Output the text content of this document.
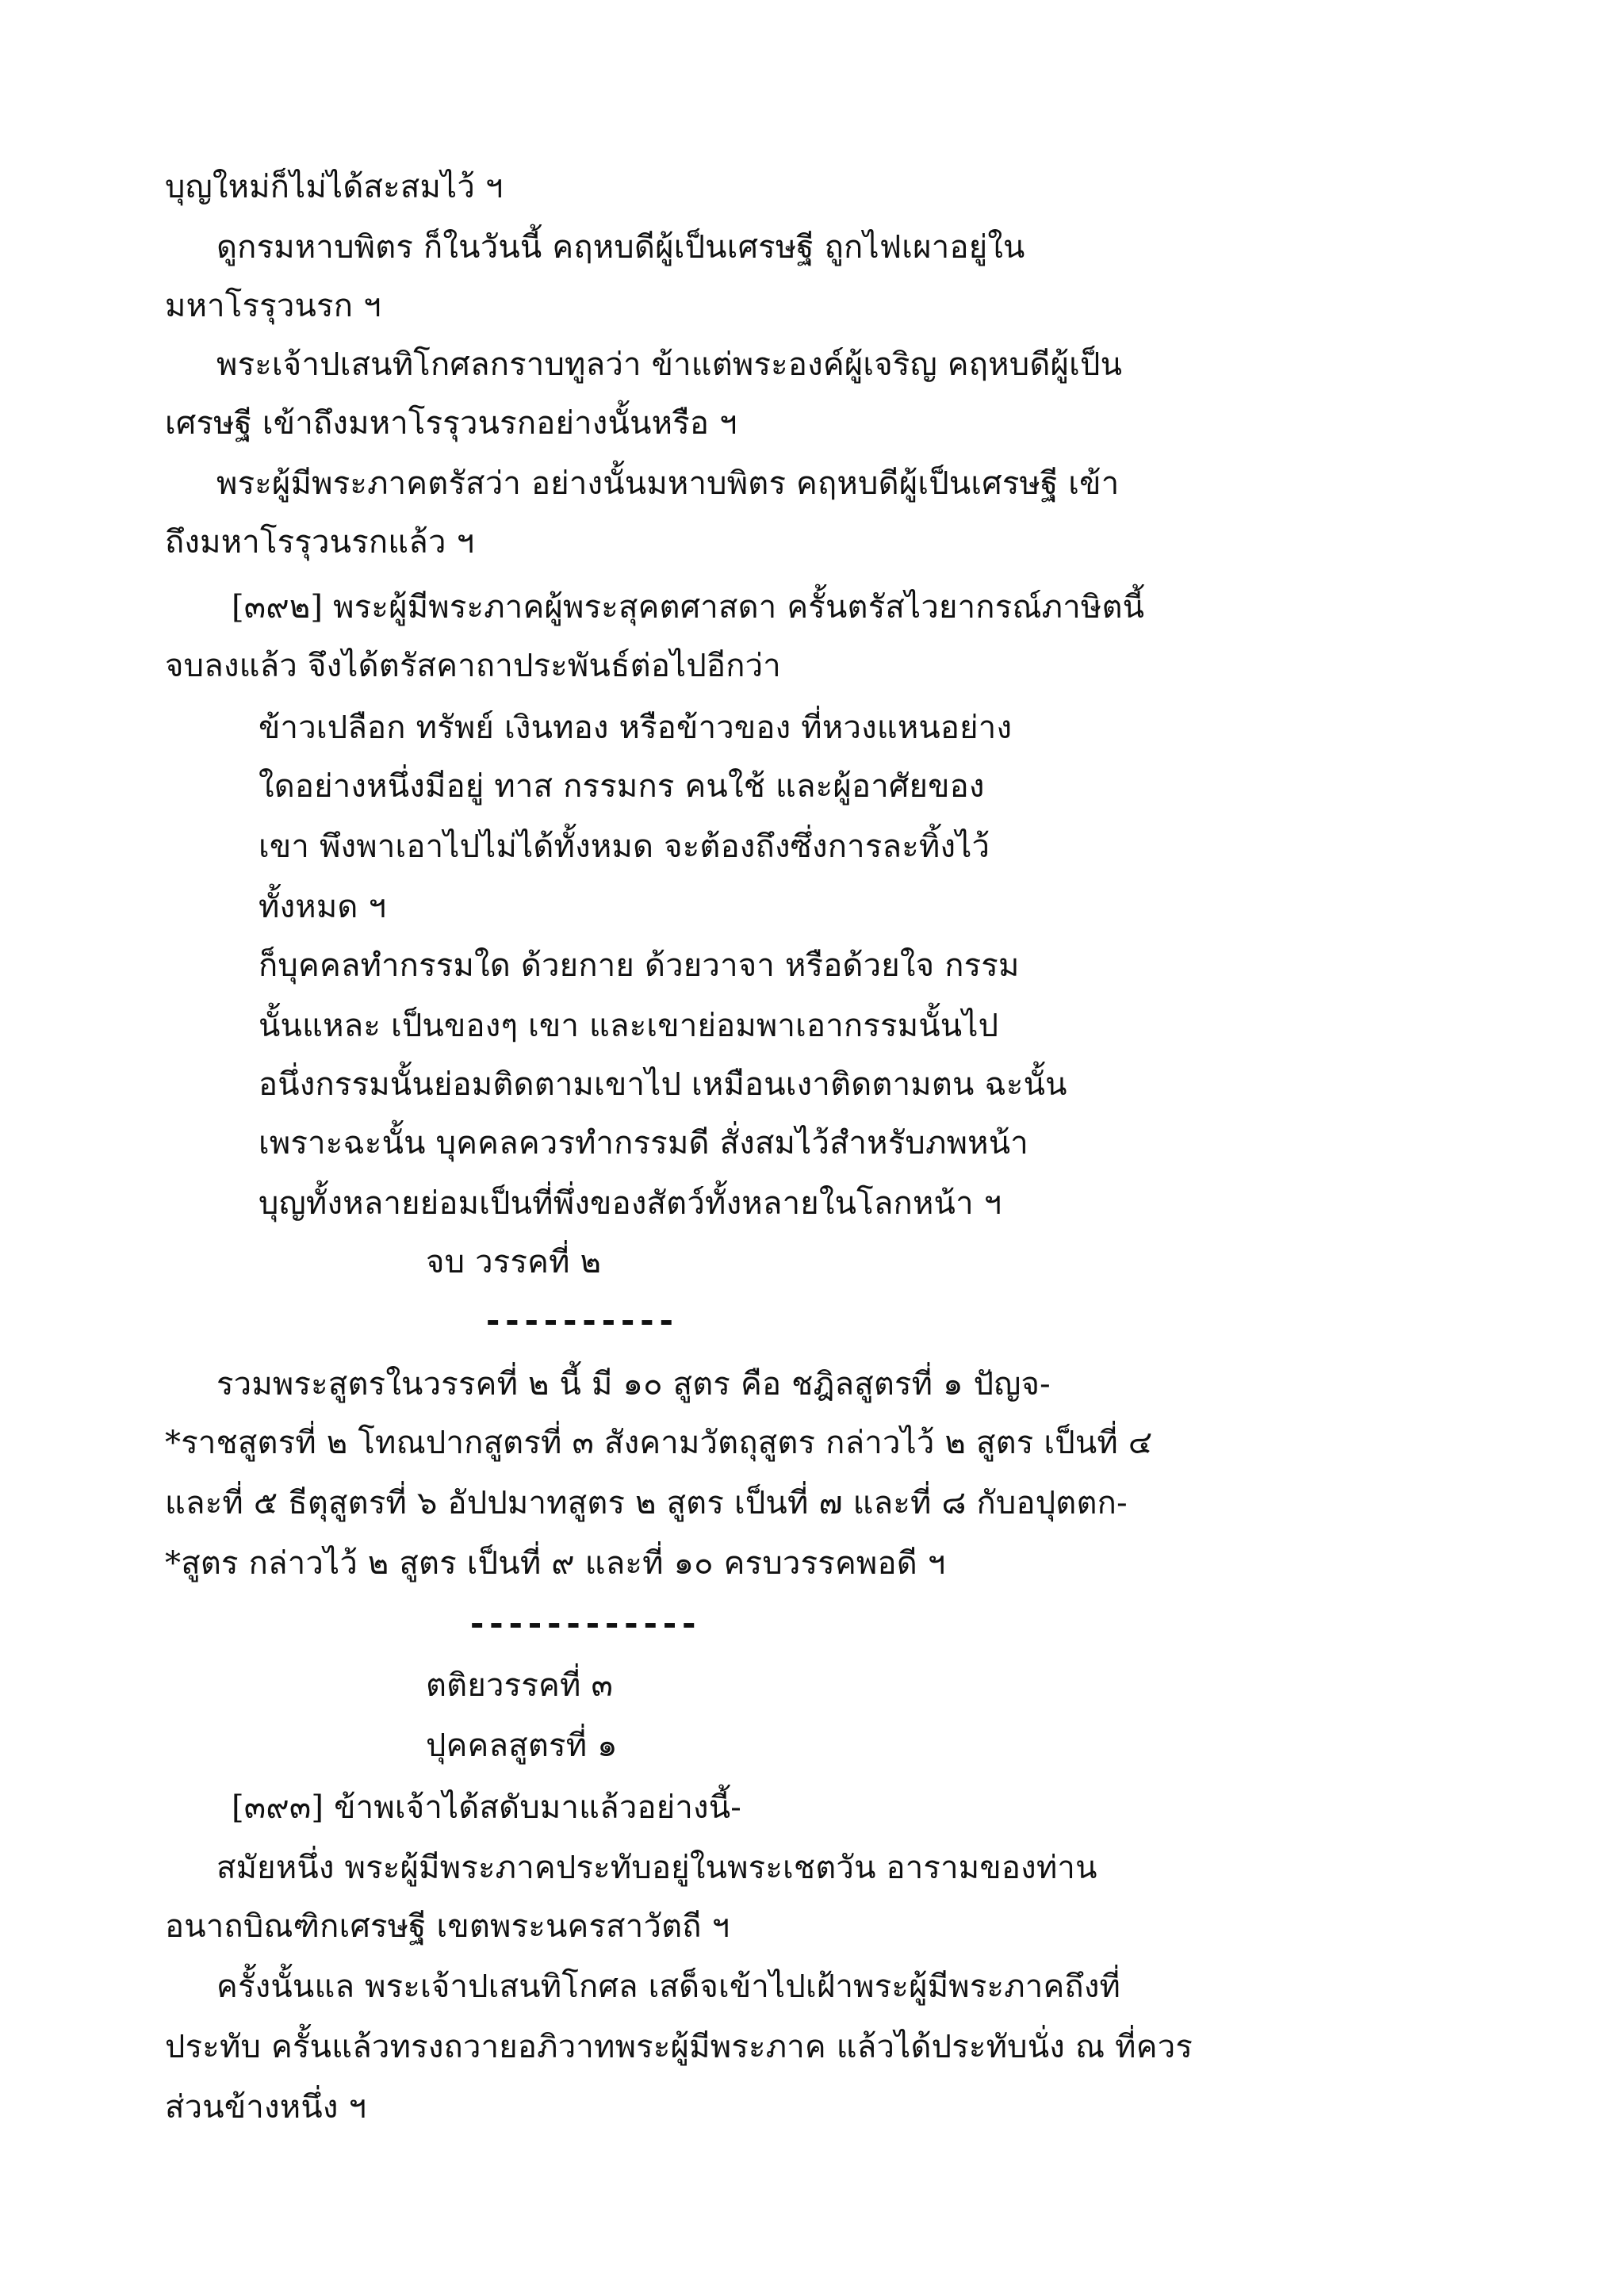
บุญใหม่ก็ไม่ได้สะสมไว้ ฯ
ดูกรมหาบพิตร ก็ในวันนี้ คฤหบดีผู้เป็นเศรษฐี ถูกไฟเผาอยู่ใน
มหาโรรุวนรก ฯ
พระเจ้าปเสนทิโกศลกราบทูลว่า ข้าแต่พระองค์ผู้เจริญ คฤหบดีผู้เป็น
เศรษฐี เข้าถึงมหาโรรุวนรกอย่างนั้นหรือ ฯ
พระผู้มีพระภาคตรัสว่า อย่างนั้นมหาบพิตร คฤหบดีผู้เป็นเศรษฐี เข้า
ถึงมหาโรรุวนรกแล้ว ฯ
[๓๙๒] พระผู้มีพระภาคผู้พระสุคตศาสดา ครั้นตรัสไวยากรณ์ภาษิตนี้
จบลงแล้ว จึงได้ตรัสคาถาประพันธ์ต่อไปอีกว่า
ข้าวเปลือก ทรัพย์ เงินทอง หรือข้าวของ ที่หวงแหนอย่าง
ใดอย่างหนึ่งมีอยู่ ทาส กรรมกร คนใช้ และผู้อาศัยของ
เขา พึงพาเอาไปไม่ได้ทั้งหมด จะต้องถึงซึ่งการละทิ้งไว้
ทั้งหมด ฯ
ก็บุคคลทำกรรมใด ด้วยกาย ด้วยวาจา หรือด้วยใจ กรรม
นั้นแหละ เป็นของๆ เขา และเขาย่อมพาเอากรรมนั้นไป
อนึ่งกรรมนั้นย่อมติดตามเขาไป เหมือนเงาติดตามตน ฉะนั้น
เพราะฉะนั้น บุคคลควรทำกรรมดี สั่งสมไว้สำหรับภพหน้า
บุญทั้งหลายย่อมเป็นที่พึ่งของสัตว์ทั้งหลายในโลกหน้า ฯ
จบ วรรคที่ ๒
----------
รวมพระสูตรในวรรคที่ ๒ นี้ มี ๑๐ สูตร คือ ชฎิลสูตรที่ ๑ ปัญจ-
*ราชสูตรที่ ๒ โทณปากสูตรที่ ๓ สังคามวัตถุสูตร กล่าวไว้ ๒ สูตร เป็นที่ ๔
และที่ ๕ ธีตุสูตรที่ ๖ อัปปมาทสูตร ๒ สูตร เป็นที่ ๗ และที่ ๘ กับอปุตตก-
*สูตร กล่าวไว้ ๒ สูตร เป็นที่ ๙ และที่ ๑๐ ครบวรรคพอดี ฯ
------------
ตติยวรรคที่ ๓
ปุคคลสูตรที่ ๑
[๓๙๓] ข้าพเจ้าได้สดับมาแล้วอย่างนี้-
สมัยหนึ่ง พระผู้มีพระภาคประทับอยู่ในพระเชตวัน อารามของท่าน
อนาถบิณฑิกเศรษฐี เขตพระนครสาวัตถี ฯ
ครั้งนั้นแล พระเจ้าปเสนทิโกศล เสด็จเข้าไปเฝ้าพระผู้มีพระภาคถึงที่
ประทับ ครั้นแล้วทรงถวายอภิวาทพระผู้มีพระภาค แล้วได้ประทับนั่ง ณ ที่ควร
ส่วนข้างหนึ่ง ฯ
